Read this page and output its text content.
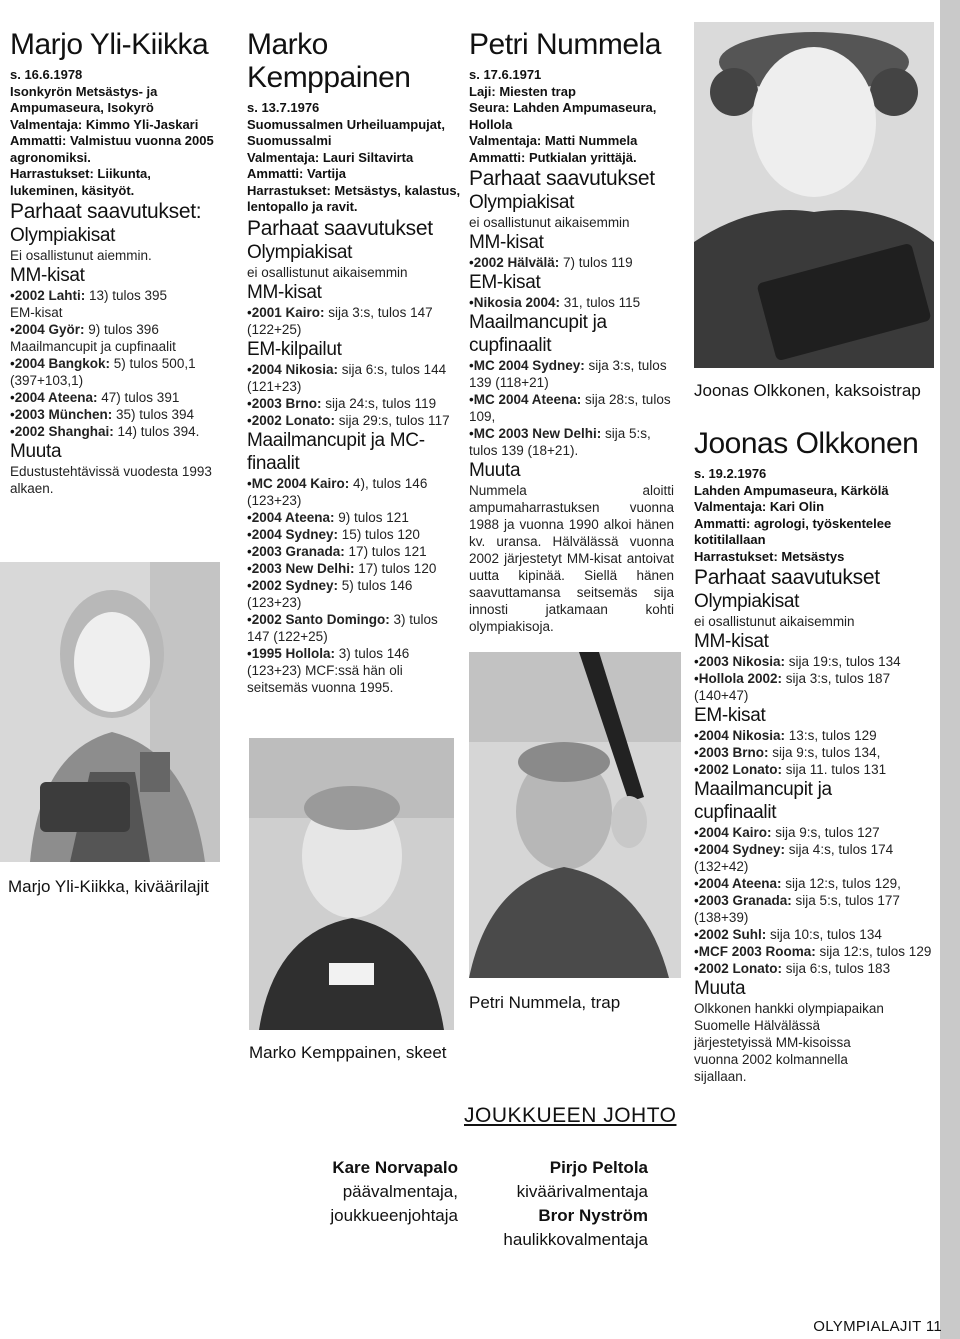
Marjo Yli-Kiikka
s. 16.6.1978
Isonkyrön Metsästys- ja Ampumaseura, Isokyrö
Valmentaja: Kimmo Yli-Jaskari
Ammatti: Valmistuu vuonna 2005 agronomiksi.
Harrastukset: Liikunta, lukeminen, käsityöt.
Parhaat saavutukset:
Olympiakisat
Ei osallistunut aiemmin.
MM-kisat
• 2002 Lahti: 13) tulos 395
EM-kisat
• 2004 Györ: 9) tulos 396
Maailmancupit ja cupfinaalit
• 2004 Bangkok: 5) tulos 500,1 (397+103,1)
• 2004 Ateena: 47) tulos 391
• 2003 München: 35) tulos 394
• 2002 Shanghai: 14) tulos 394.
Muuta
Edustustehtävissä vuodesta 1993 alkaen.
Marjo Yli-Kiikka, kiväärilajit
Marko Kemppainen
s. 13.7.1976
Suomussalmen Urheiluampujat, Suomussalmi
Valmentaja: Lauri Siltavirta
Ammatti: Vartija
Harrastukset: Metsästys, kalastus, lentopallo ja ravit.
Parhaat saavutukset
Olympiakisat
ei osallistunut aikaisemmin
MM-kisat
• 2001 Kairo: sija 3:s, tulos 147 (122+25)
EM-kilpailut
• 2004 Nikosia: sija 6:s, tulos 144 (121+23)
• 2003 Brno: sija 24:s, tulos 119
• 2002 Lonato: sija 29:s, tulos 117
Maailmancupit ja MC-finaalit
• MC 2004 Kairo: 4), tulos 146 (123+23)
• 2004 Ateena: 9) tulos 121
• 2004 Sydney: 15) tulos 120
• 2003 Granada: 17) tulos 121
• 2003 New Delhi: 17) tulos 120
• 2002 Sydney: 5) tulos 146 (123+23)
• 2002 Santo Domingo: 3) tulos 147 (122+25)
• 1995 Hollola: 3) tulos 146 (123+23) MCF:ssä hän oli seitsemäs vuonna 1995.
Marko Kemppainen, skeet
Petri Nummela
s. 17.6.1971
Laji: Miesten trap
Seura: Lahden Ampumaseura, Hollola
Valmentaja: Matti Nummela
Ammatti: Putkialan yrittäjä.
Parhaat saavutukset
Olympiakisat
ei osallistunut aikaisemmin
MM-kisat
• 2002 Hälvälä: 7) tulos 119
EM-kisat
• Nikosia 2004: 31, tulos 115
Maailmancupit ja cupfinaalit
• MC 2004 Sydney: sija 3:s, tulos 139 (118+21)
• MC 2004 Ateena: sija 28:s, tulos 109,
• MC 2003 New Delhi: sija 5:s, tulos 139 (18+21).
Muuta
Nummela aloitti ampumaharrastuksen vuonna 1988 ja vuonna 1990 alkoi hänen kv. uransa. Hälvälässä vuonna 2002 järjestetyt MM-kisat antoivat uutta kipinää. Siellä hänen saavuttamansa seitsemäs sija innosti jatkamaan kohti olympiakisoja.
Petri Nummela, trap
Joonas Olkkonen, kaksoistrap
Joonas Olkkonen
s. 19.2.1976
Lahden Ampumaseura, Kärkölä
Valmentaja: Kari Olin
Ammatti: agrologi, työskentelee kotitilallaan
Harrastukset: Metsästys
Parhaat saavutukset
Olympiakisat
ei osallistunut aikaisemmin
MM-kisat
• 2003 Nikosia: sija 19:s, tulos 134
• Hollola 2002: sija 3:s, tulos 187 (140+47)
EM-kisat
• 2004 Nikosia: 13:s, tulos 129
• 2003 Brno: sija 9:s, tulos 134,
• 2002 Lonato: sija 11. tulos 131
Maailmancupit ja cupfinaalit
• 2004 Kairo: sija 9:s, tulos 127
• 2004 Sydney: sija 4:s, tulos 174 (132+42)
• 2004 Ateena: sija 12:s, tulos 129,
• 2003 Granada: sija 5:s, tulos 177 (138+39)
• 2002 Suhl: sija 10:s, tulos 134
• MCF 2003 Rooma: sija 12:s, tulos 129
• 2002 Lonato: sija 6:s, tulos 183
Muuta
Olkkonen hankki olympiapaikan Suomelle Hälvälässä järjestetyissä MM-kisoissa vuonna 2002 kolmannella sijallaan.
JOUKKUEEN JOHTO
Kare Norvapalo
päävalmentaja,
joukkueenjohtaja
Pirjo Peltola
kiväärivalmentaja
Bror Nyström
haulikkovalmentaja
OLYMPIALAJIT 11
